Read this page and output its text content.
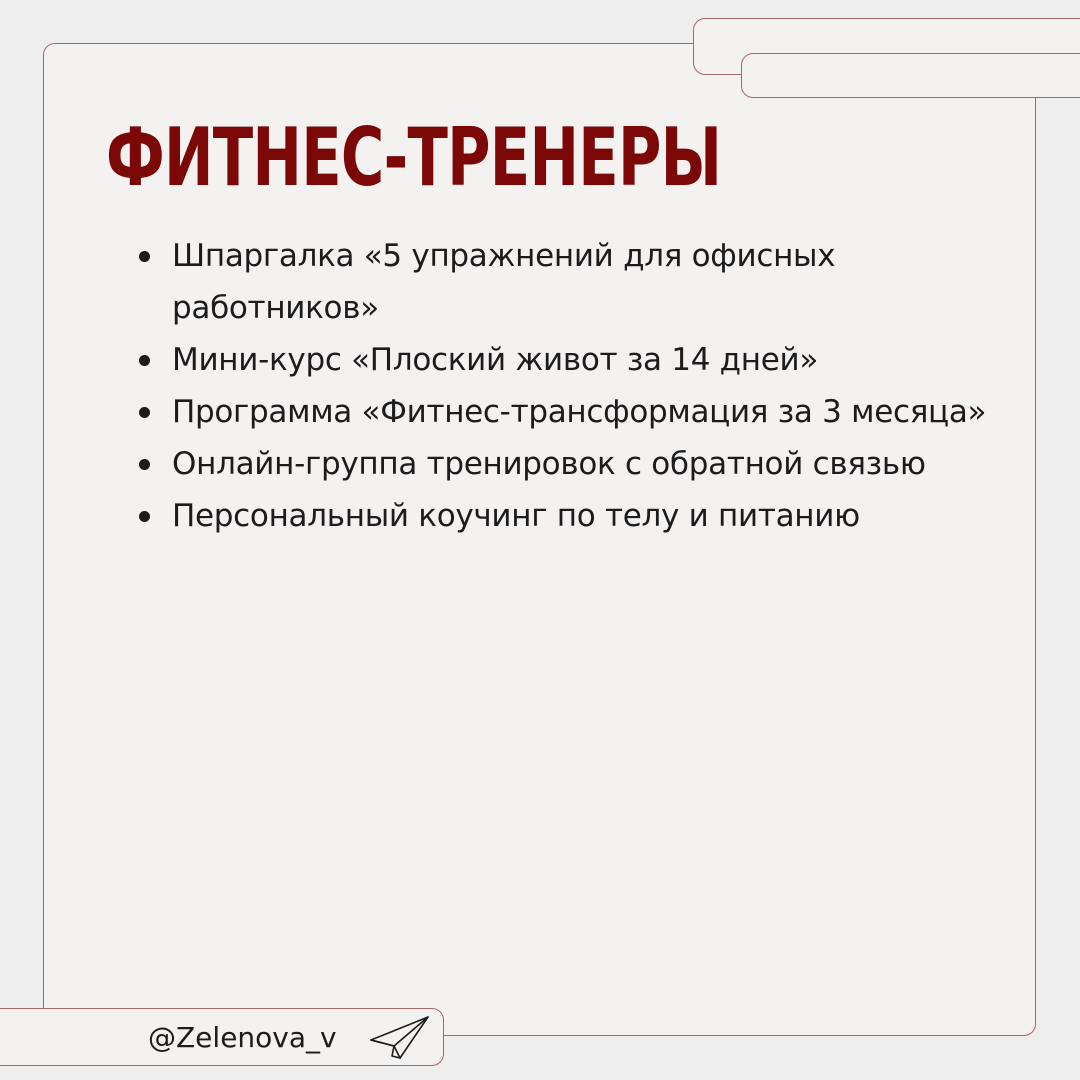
ФИТНЕС-ТРЕНЕРЫ
Шпаргалка «5 упражнений для офисных работников»
Мини-курс «Плоский живот за 14 дней»
Программа «Фитнес-трансформация за 3 месяца»
Онлайн-группа тренировок с обратной связью
Персональный коучинг по телу и питанию
@Zelenova_v
